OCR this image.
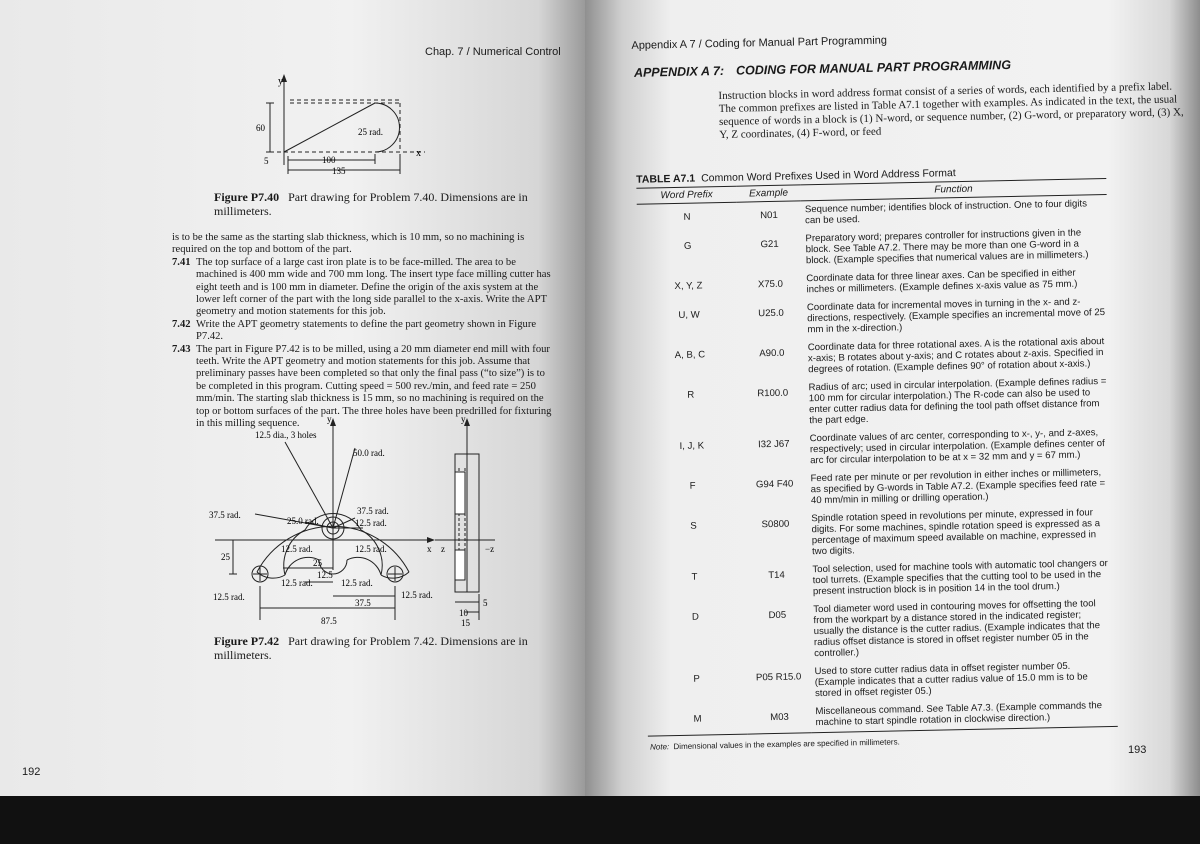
Chap. 7 / Numerical Control
y
x
60	25 rad.
5	100
135
Figure P7.40 Part drawing for Problem 7.40. Dimensions are in millimeters.

is to be the same as the starting slab thickness, which is 10 mm, so no machining is required on the top and bottom of the part.

7.41 The top surface of a large cast iron plate is to be face-milled. The area to be machined is 400 mm wide and 700 mm long. The insert type face milling cutter has eight teeth and is 100 mm in diameter. Define the origin of the axis system at the lower left corner of the part with the long side parallel to the x-axis. Write the APT geometry and motion statements for this job.

7.42 Write the APT geometry statements to define the part geometry shown in Figure P7.42.

7.43 The part in Figure P7.42 is to be milled, using a 20 mm diameter end mill with four teeth. Write the APT geometry and motion statements for this job. Assume that preliminary passes have been completed so that only the final pass (“to size”) is to be completed in this program. Cutting speed = 500 rev./min, and feed rate = 250 mm/min. The starting slab thickness is 15 mm, so no machining is required on the top or bottom surfaces of the part. The three holes have been predrilled for fixturing in this milling sequence.

12.5 dia., 3 holes
50.0 rad.
37.5 rad.
25.0 rad.
37.5 rad.
12.5 rad.
12.5 rad.	12.5 rad.
25
25
12.5 rad.
12.5
12.5 rad.
12.5 rad.	12.5 rad.
37.5
87.5
y	y
x z	−z
5
10
15
Figure P7.42 Part drawing for Problem 7.42. Dimensions are in millimeters.
192
Appendix A 7 / Coding for Manual Part Programming
APPENDIX A 7: CODING FOR MANUAL PART PROGRAMMING
Instruction blocks in word address format consist of a series of words, each identified by a prefix label. The common prefixes are listed in Table A7.1 together with examples. As indicated in the text, the usual sequence of words in a block is (1) N-word, or sequence number, (2) G-word, or preparatory word, (3) X, Y, Z coordinates, (4) F-word, or feed
TABLE A7.1 Common Word Prefixes Used in Word Address Format
Word Prefix	Example	Function
N	N01	Sequence number; identifies block of instruction. One to four digits can be used.
G	G21	Preparatory word; prepares controller for instructions given in the block. See Table A7.2. There may be more than one G-word in a block. (Example specifies that numerical values are in millimeters.)
X, Y, Z	X75.0	Coordinate data for three linear axes. Can be specified in either inches or millimeters. (Example defines x-axis value as 75 mm.)
U, W	U25.0	Coordinate data for incremental moves in turning in the x- and z-directions, respectively. (Example specifies an incremental move of 25 mm in the x-direction.)
A, B, C	A90.0	Coordinate data for three rotational axes. A is the rotational axis about x-axis; B rotates about y-axis; and C rotates about z-axis. Specified in degrees of rotation. (Example defines 90° of rotation about x-axis.)
R	R100.0	Radius of arc; used in circular interpolation. (Example defines radius = 100 mm for circular interpolation.) The R-code can also be used to enter cutter radius data for defining the tool path offset distance from the part edge.
I, J, K	I32 J67	Coordinate values of arc center, corresponding to x-, y-, and z-axes, respectively; used in circular interpolation. (Example defines center of arc for circular interpolation to be at x = 32 mm and y = 67 mm.)
F	G94 F40	Feed rate per minute or per revolution in either inches or millimeters, as specified by G-words in Table A7.2. (Example specifies feed rate = 40 mm/min in milling or drilling operation.)
S	S0800	Spindle rotation speed in revolutions per minute, expressed in four digits. For some machines, spindle rotation speed is expressed as a percentage of maximum speed available on machine, expressed in two digits.
T	T14	Tool selection, used for machine tools with automatic tool changers or tool turrets. (Example specifies that the cutting tool to be used in the present instruction block is in position 14 in the tool drum.)
D	D05	Tool diameter word used in contouring moves for offsetting the tool from the workpart by a distance stored in the indicated register; usually the distance is the cutter radius. (Example indicates that the radius offset distance is stored in offset register number 05 in the controller.)
P	P05 R15.0	Used to store cutter radius data in offset register number 05. (Example indicates that a cutter radius value of 15.0 mm is to be stored in offset register 05.)
M	M03	Miscellaneous command. See Table A7.3. (Example commands the machine to start spindle rotation in clockwise direction.)
Note: Dimensional values in the examples are specified in millimeters.	193
